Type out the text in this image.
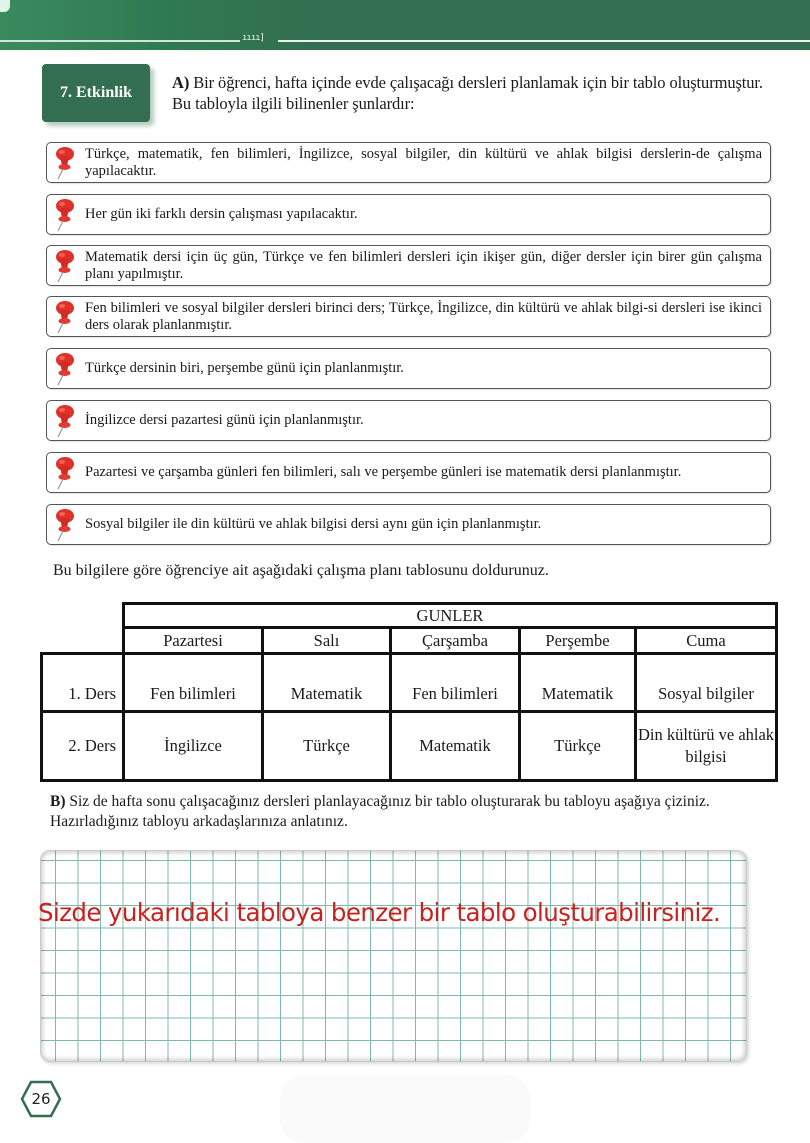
ıııı]
7. Etkinlik
A) Bir öğrenci, hafta içinde evde çalışacağı dersleri planlamak için bir tablo oluşturmuştur. Bu tabloyla ilgili bilinenler şunlardır:
Türkçe, matematik, fen bilimleri, İngilizce, sosyal bilgiler, din kültürü ve ahlak bilgisi derslerin-de çalışma yapılacaktır.
Her gün iki farklı dersin çalışması yapılacaktır.
Matematik dersi için üç gün, Türkçe ve fen bilimleri dersleri için ikişer gün, diğer dersler için birer gün çalışma planı yapılmıştır.
Fen bilimleri ve sosyal bilgiler dersleri birinci ders; Türkçe, İngilizce, din kültürü ve ahlak bilgi-si dersleri ise ikinci ders olarak planlanmıştır.
Türkçe dersinin biri, perşembe günü için planlanmıştır.
İngilizce dersi pazartesi günü için planlanmıştır.
Pazartesi ve çarşamba günleri fen bilimleri, salı ve perşembe günleri ise matematik dersi planlanmıştır.
Sosyal bilgiler ile din kültürü ve ahlak bilgisi dersi aynı gün için planlanmıştır.
Bu bilgilere göre öğrenciye ait aşağıdaki çalışma planı tablosunu doldurunuz.
	GUNLER				
	Pazartesi	Salı	Çarşamba	Perşembe	Cuma
1. Ders	Fen bilimleri	Matematik	Fen bilimleri	Matematik	Sosyal bilgiler
2. Ders	İngilizce	Türkçe	Matematik	Türkçe	Din kültürü ve ahlak bilgisi
B) Siz de hafta sonu çalışacağınız dersleri planlayacağınız bir tablo oluşturarak bu tabloyu aşağıya çiziniz. Hazırladığınız tabloyu arkadaşlarınıza anlatınız.
Sizde yukarıdaki tabloya benzer bir tablo oluşturabilirsiniz.
26
